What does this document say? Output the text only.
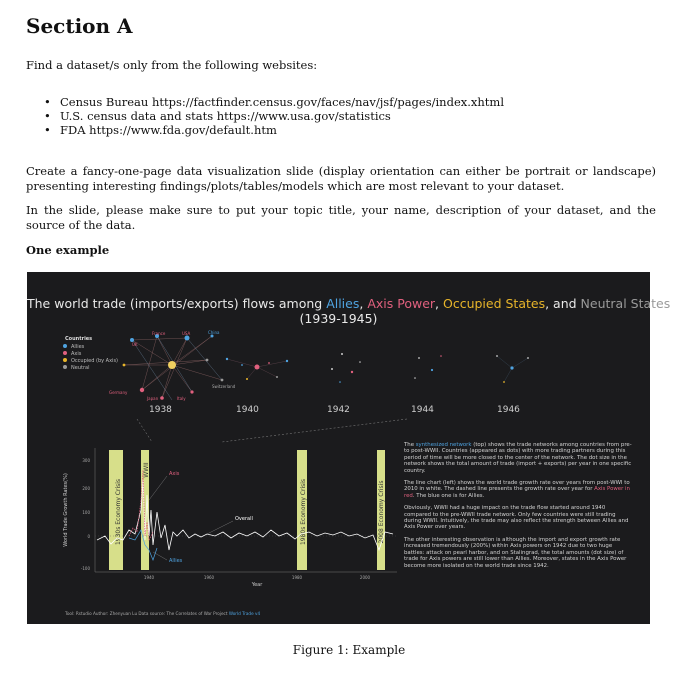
Section A
Find a dataset/s only from the following websites:
• Census Bureau https://factfinder.census.gov/faces/nav/jsf/pages/index.xhtml
• U.S. census data and stats https://www.usa.gov/statistics
• FDA https://www.fda.gov/default.htm
Create a fancy-one-page data visualization slide (display orientation can either be portrait or landscape) presenting interesting findings/plots/tables/models which are most relevant to your dataset.
In the slide, please make sure to put your topic title, your name, description of your dataset, and the source of the data.
One example
The world trade (imports/exports) flows among Allies, Axis Power, Occupied States, and Neutral States
(1939-1945)
Countries
Allies
Axis
Occupied (by Axis)
Neutral
UK
France	USA	China
Germany
Japan	Italy
Switzerland
1938	1940	1942	1944	1946
1930s Economy Crisis
WWII
1980s Economy Crisis	2008 Economy Crisis
300
200
100
0
-100
World Trade Growth Rates(%)
1940	1960	1980	2000
Year
Axis
Overall
Allies

The synthesized network (top) shows the trade networks among countries from pre- to post-WWII. Countries (appeared as dots) with more trading partners during this period of time will be more closed to the center of the network. The dot size in the network shows the total amount of trade (import + exports) per year in one specific country.

The line chart (left) shows the world trade growth rate over years from post-WWI to 2010 in white. The dashed line presents the growth rate over year for Axis Power in red. The blue one is for Allies.

Obviously, WWII had a huge impact on the trade flow started around 1940 compared to the pre-WWII trade network. Only few countries were still trading during WWII. Intuitively, the trade may also reflect the strength between Allies and Axis Power over years.

The other interesting observation is although the import and export growth rate increased tremendously (200%) within Axis powers on 1942 due to two huge battles: attack on pearl harbor, and on Stalingrad, the total amounts (dot size) of trade for Axis powers are still lower than Allies. Moreover, states in the Axis Power become more isolated on the world trade since 1942.

Tool: Rstudio Author: Zhenyuan Lu Data source: The Correlates of War Project World Trade v4
Figure 1: Example
